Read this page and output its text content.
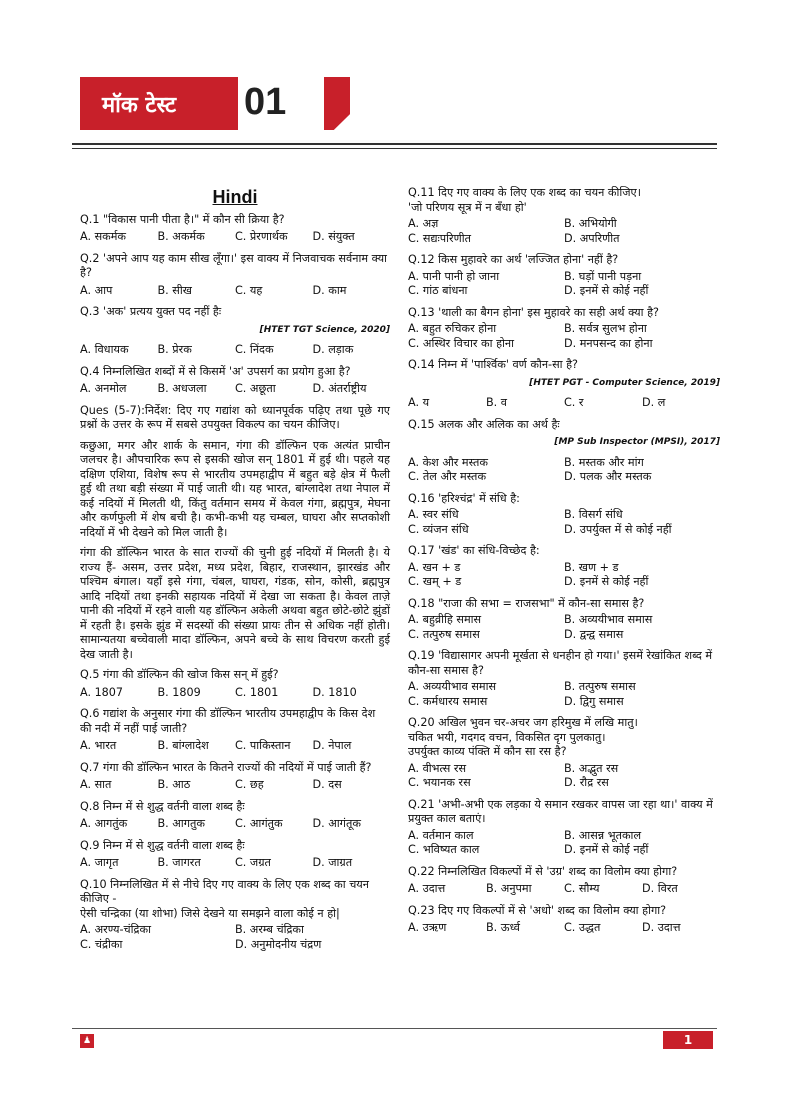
मॉक टेस्ट 01
Hindi
Q.1 "विकास पानी पीता है।" में कौन सी क्रिया है?
A. सकर्मक	B. अकर्मक	C. प्रेरणार्थक	D. संयुक्त
Q.2 'अपने आप यह काम सीख लूँगा।' इस वाक्य में निजवाचक सर्वनाम क्या है?
A. आप	B. सीख	C. यह	D. काम
Q.3 'अक' प्रत्यय युक्त पद नहीं हैः
[HTET TGT Science, 2020]
A. विधायक	B. प्रेरक	C. निंदक	D. लड़ाक
Q.4 निम्नलिखित शब्दों में से किसमें 'अ' उपसर्ग का प्रयोग हुआ है?
A. अनमोल	B. अधजला	C. अछूता	D. अंतर्राष्ट्रीय
Ques (5-7):निर्देश: दिए गए गद्यांश को ध्यानपूर्वक पढ़िए तथा पूछे गए प्रश्नों के उत्तर के रूप में सबसे उपयुक्त विकल्प का चयन कीजिए।
कछुआ, मगर और शार्क के समान, गंगा की डॉल्फिन एक अत्यंत प्राचीन जलचर है। औपचारिक रूप से इसकी खोज सन् 1801 में हुई थी। पहले यह दक्षिण एशिया, विशेष रूप से भारतीय उपमहाद्वीप में बहुत बड़े क्षेत्र में फैली हुई थी तथा बड़ी संख्या में पाई जाती थी। यह भारत, बांग्लादेश तथा नेपाल में कई नदियों में मिलती थी, किंतु वर्तमान समय में केवल गंगा, ब्रह्मपुत्र, मेघना और कर्णफुली में शेष बची है। कभी-कभी यह चम्बल, घाघरा और सप्तकोशी नदियों में भी देखने को मिल जाती है।
गंगा की डॉल्फिन भारत के सात राज्यों की चुनी हुई नदियों में मिलती है। ये राज्य हैं- असम, उत्तर प्रदेश, मध्य प्रदेश, बिहार, राजस्थान, झारखंड और पश्चिम बंगाल। यहाँ इसे गंगा, चंबल, घाघरा, गंडक, सोन, कोसी, ब्रह्मपुत्र आदि नदियों तथा इनकी सहायक नदियों में देखा जा सकता है। केवल ताज़े पानी की नदियों में रहने वाली यह डॉल्फिन अकेली अथवा बहुत छोटे-छोटे झुंडों में रहती है। इसके झुंड में सदस्यों की संख्या प्रायः तीन से अधिक नहीं होती। सामान्यतया बच्चेवाली मादा डॉल्फिन, अपने बच्चे के साथ विचरण करती हुई देख जाती है।
Q.5 गंगा की डॉल्फिन की खोज किस सन् में हुई?
A. 1807	B. 1809	C. 1801	D. 1810
Q.6 गद्यांश के अनुसार गंगा की डॉल्फिन भारतीय उपमहाद्वीप के किस देश की नदी में नहीं पाई जाती?
A. भारत	B. बांग्लादेश	C. पाकिस्तान	D. नेपाल
Q.7 गंगा की डॉल्फिन भारत के कितने राज्यों की नदियों में पाई जाती हैं?
A. सात	B. आठ	C. छह	D. दस
Q.8 निम्न में से शुद्ध वर्तनी वाला शब्द हैः
A. आगतुंक	B. आगतुक	C. आगंतुक	D. आगंतूक
Q.9 निम्न में से शुद्ध वर्तनी वाला शब्द हैः
A. जागृत	B. जागरत	C. जग्रत	D. जाग्रत
Q.10 निम्नलिखित में से नीचे दिए गए वाक्य के लिए एक शब्द का चयन कीजिए -
ऐसी चन्द्रिका (या शोभा) जिसे देखने या समझने वाला कोई न हो|
A. अरण्य-चंद्रिका	B. अरम्ब चंद्रिका
C. चंद्रीका	D. अनुमोदनीय चंद्रण
Q.11 दिए गए वाक्य के लिए एक शब्द का चयन कीजिए।
'जो परिणय सूत्र में न बँधा हो'
A. अज्ञ	B. अभियोगी
C. सद्यःपरिणीत	D. अपरिणीत
Q.12 किस मुहावरे का अर्थ 'लज्जित होना' नहीं है?
A. पानी पानी हो जाना	B. घड़ों पानी पड़ना
C. गांठ बांधना	D. इनमें से कोई नहीं
Q.13 'थाली का बैगन होना' इस मुहावरे का सही अर्थ क्या है?
A. बहुत रुचिकर होना	B. सर्वत्र सुलभ होना
C. अस्थिर विचार का होना	D. मनपसन्द का होना
Q.14 निम्न में 'पार्श्विक' वर्ण कौन-सा है?
[HTET PGT - Computer Science, 2019]
A. य	B. व	C. र	D. ल
Q.15 अलक और अलिक का अर्थ हैः
[MP Sub Inspector (MPSI), 2017]
A. केश और मस्तक	B. मस्तक और मांग
C. तेल और मस्तक	D. पलक और मस्तक
Q.16 'हरिश्चंद्र' में संधि है:
A. स्वर संधि	B. विसर्ग संधि
C. व्यंजन संधि	D. उपर्युक्त में से कोई नहीं
Q.17 'खंड' का संधि-विच्छेद है:
A. खन + ड	B. खण + ड
C. खम् + ड	D. इनमें से कोई नहीं
Q.18 "राजा की सभा = राजसभा" में कौन-सा समास है?
A. बहुव्रीहि समास	B. अव्ययीभाव समास
C. तत्पुरुष समास	D. द्वन्द्व समास
Q.19 'विद्यासागर अपनी मूर्खता से धनहीन हो गया।' इसमें रेखांकित शब्द में कौन-सा समास है?
A. अव्ययीभाव समास	B. तत्पुरुष समास
C. कर्मधारय समास	D. द्विगु समास
Q.20 अखिल भुवन चर-अचर जग हरिमुख में लखि मातु।
चकित भयी, गदगद वचन, विकसित दृग पुलकातु।
उपर्युक्त काव्य पंक्ति में कौन सा रस है?
A. वीभत्स रस	B. अद्भुत रस
C. भयानक रस	D. रौद्र रस
Q.21 'अभी-अभी एक लड़का ये समान रखकर वापस जा रहा था।' वाक्य में प्रयुक्त काल बताएं।
A. वर्तमान काल	B. आसन्न भूतकाल
C. भविष्यत काल	D. इनमें से कोई नहीं
Q.22 निम्नलिखित विकल्पों में से 'उग्र' शब्द का विलोम क्या होगा?
A. उदात्त	B. अनुपमा	C. सौम्य	D. विरत
Q.23 दिए गए विकल्पों में से 'अधो' शब्द का विलोम क्या होगा?
A. उऋण	B. ऊर्ध्व	C. उद्धत	D. उदात्त
♟	1
